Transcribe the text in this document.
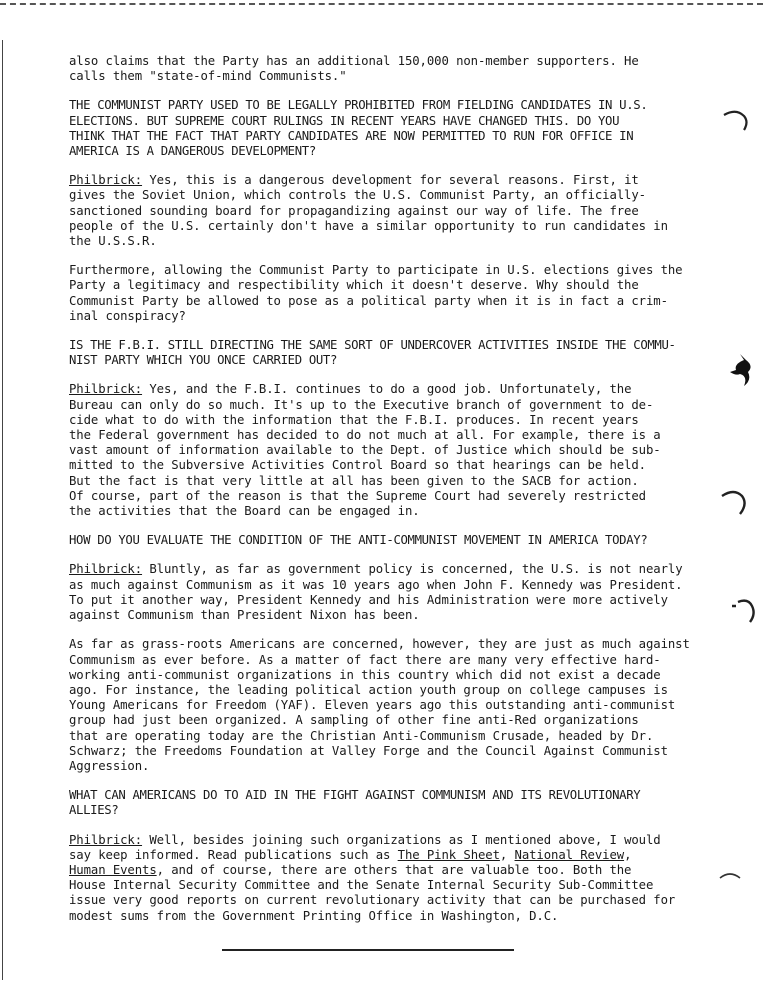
also claims that the Party has an additional 150,000 non-member supporters. He
calls them "state-of-mind Communists."

THE COMMUNIST PARTY USED TO BE LEGALLY PROHIBITED FROM FIELDING CANDIDATES IN U.S.
ELECTIONS. BUT SUPREME COURT RULINGS IN RECENT YEARS HAVE CHANGED THIS. DO YOU
THINK THAT THE FACT THAT PARTY CANDIDATES ARE NOW PERMITTED TO RUN FOR OFFICE IN
AMERICA IS A DANGEROUS DEVELOPMENT?

Philbrick: Yes, this is a dangerous development for several reasons. First, it
gives the Soviet Union, which controls the U.S. Communist Party, an officially-
sanctioned sounding board for propagandizing against our way of life. The free
people of the U.S. certainly don't have a similar opportunity to run candidates in
the U.S.S.R.

Furthermore, allowing the Communist Party to participate in U.S. elections gives the
Party a legitimacy and respectibility which it doesn't deserve. Why should the
Communist Party be allowed to pose as a political party when it is in fact a crim-
inal conspiracy?

IS THE F.B.I. STILL DIRECTING THE SAME SORT OF UNDERCOVER ACTIVITIES INSIDE THE COMMU-
NIST PARTY WHICH YOU ONCE CARRIED OUT?

Philbrick: Yes, and the F.B.I. continues to do a good job. Unfortunately, the
Bureau can only do so much. It's up to the Executive branch of government to de-
cide what to do with the information that the F.B.I. produces. In recent years
the Federal government has decided to do not much at all. For example, there is a
vast amount of information available to the Dept. of Justice which should be sub-
mitted to the Subversive Activities Control Board so that hearings can be held.
But the fact is that very little at all has been given to the SACB for action.
Of course, part of the reason is that the Supreme Court had severely restricted
the activities that the Board can be engaged in.

HOW DO YOU EVALUATE THE CONDITION OF THE ANTI-COMMUNIST MOVEMENT IN AMERICA TODAY?

Philbrick: Bluntly, as far as government policy is concerned, the U.S. is not nearly
as much against Communism as it was 10 years ago when John F. Kennedy was President.
To put it another way, President Kennedy and his Administration were more actively
against Communism than President Nixon has been.

As far as grass-roots Americans are concerned, however, they are just as much against
Communism as ever before. As a matter of fact there are many very effective hard-
working anti-communist organizations in this country which did not exist a decade
ago. For instance, the leading political action youth group on college campuses is
Young Americans for Freedom (YAF). Eleven years ago this outstanding anti-communist
group had just been organized. A sampling of other fine anti-Red organizations
that are operating today are the Christian Anti-Communism Crusade, headed by Dr.
Schwarz; the Freedoms Foundation at Valley Forge and the Council Against Communist
Aggression.

WHAT CAN AMERICANS DO TO AID IN THE FIGHT AGAINST COMMUNISM AND ITS REVOLUTIONARY
ALLIES?

Philbrick: Well, besides joining such organizations as I mentioned above, I would
say keep informed. Read publications such as The Pink Sheet, National Review,
Human Events, and of course, there are others that are valuable too. Both the
House Internal Security Committee and the Senate Internal Security Sub-Committee
issue very good reports on current revolutionary activity that can be purchased for
modest sums from the Government Printing Office in Washington, D.C.
